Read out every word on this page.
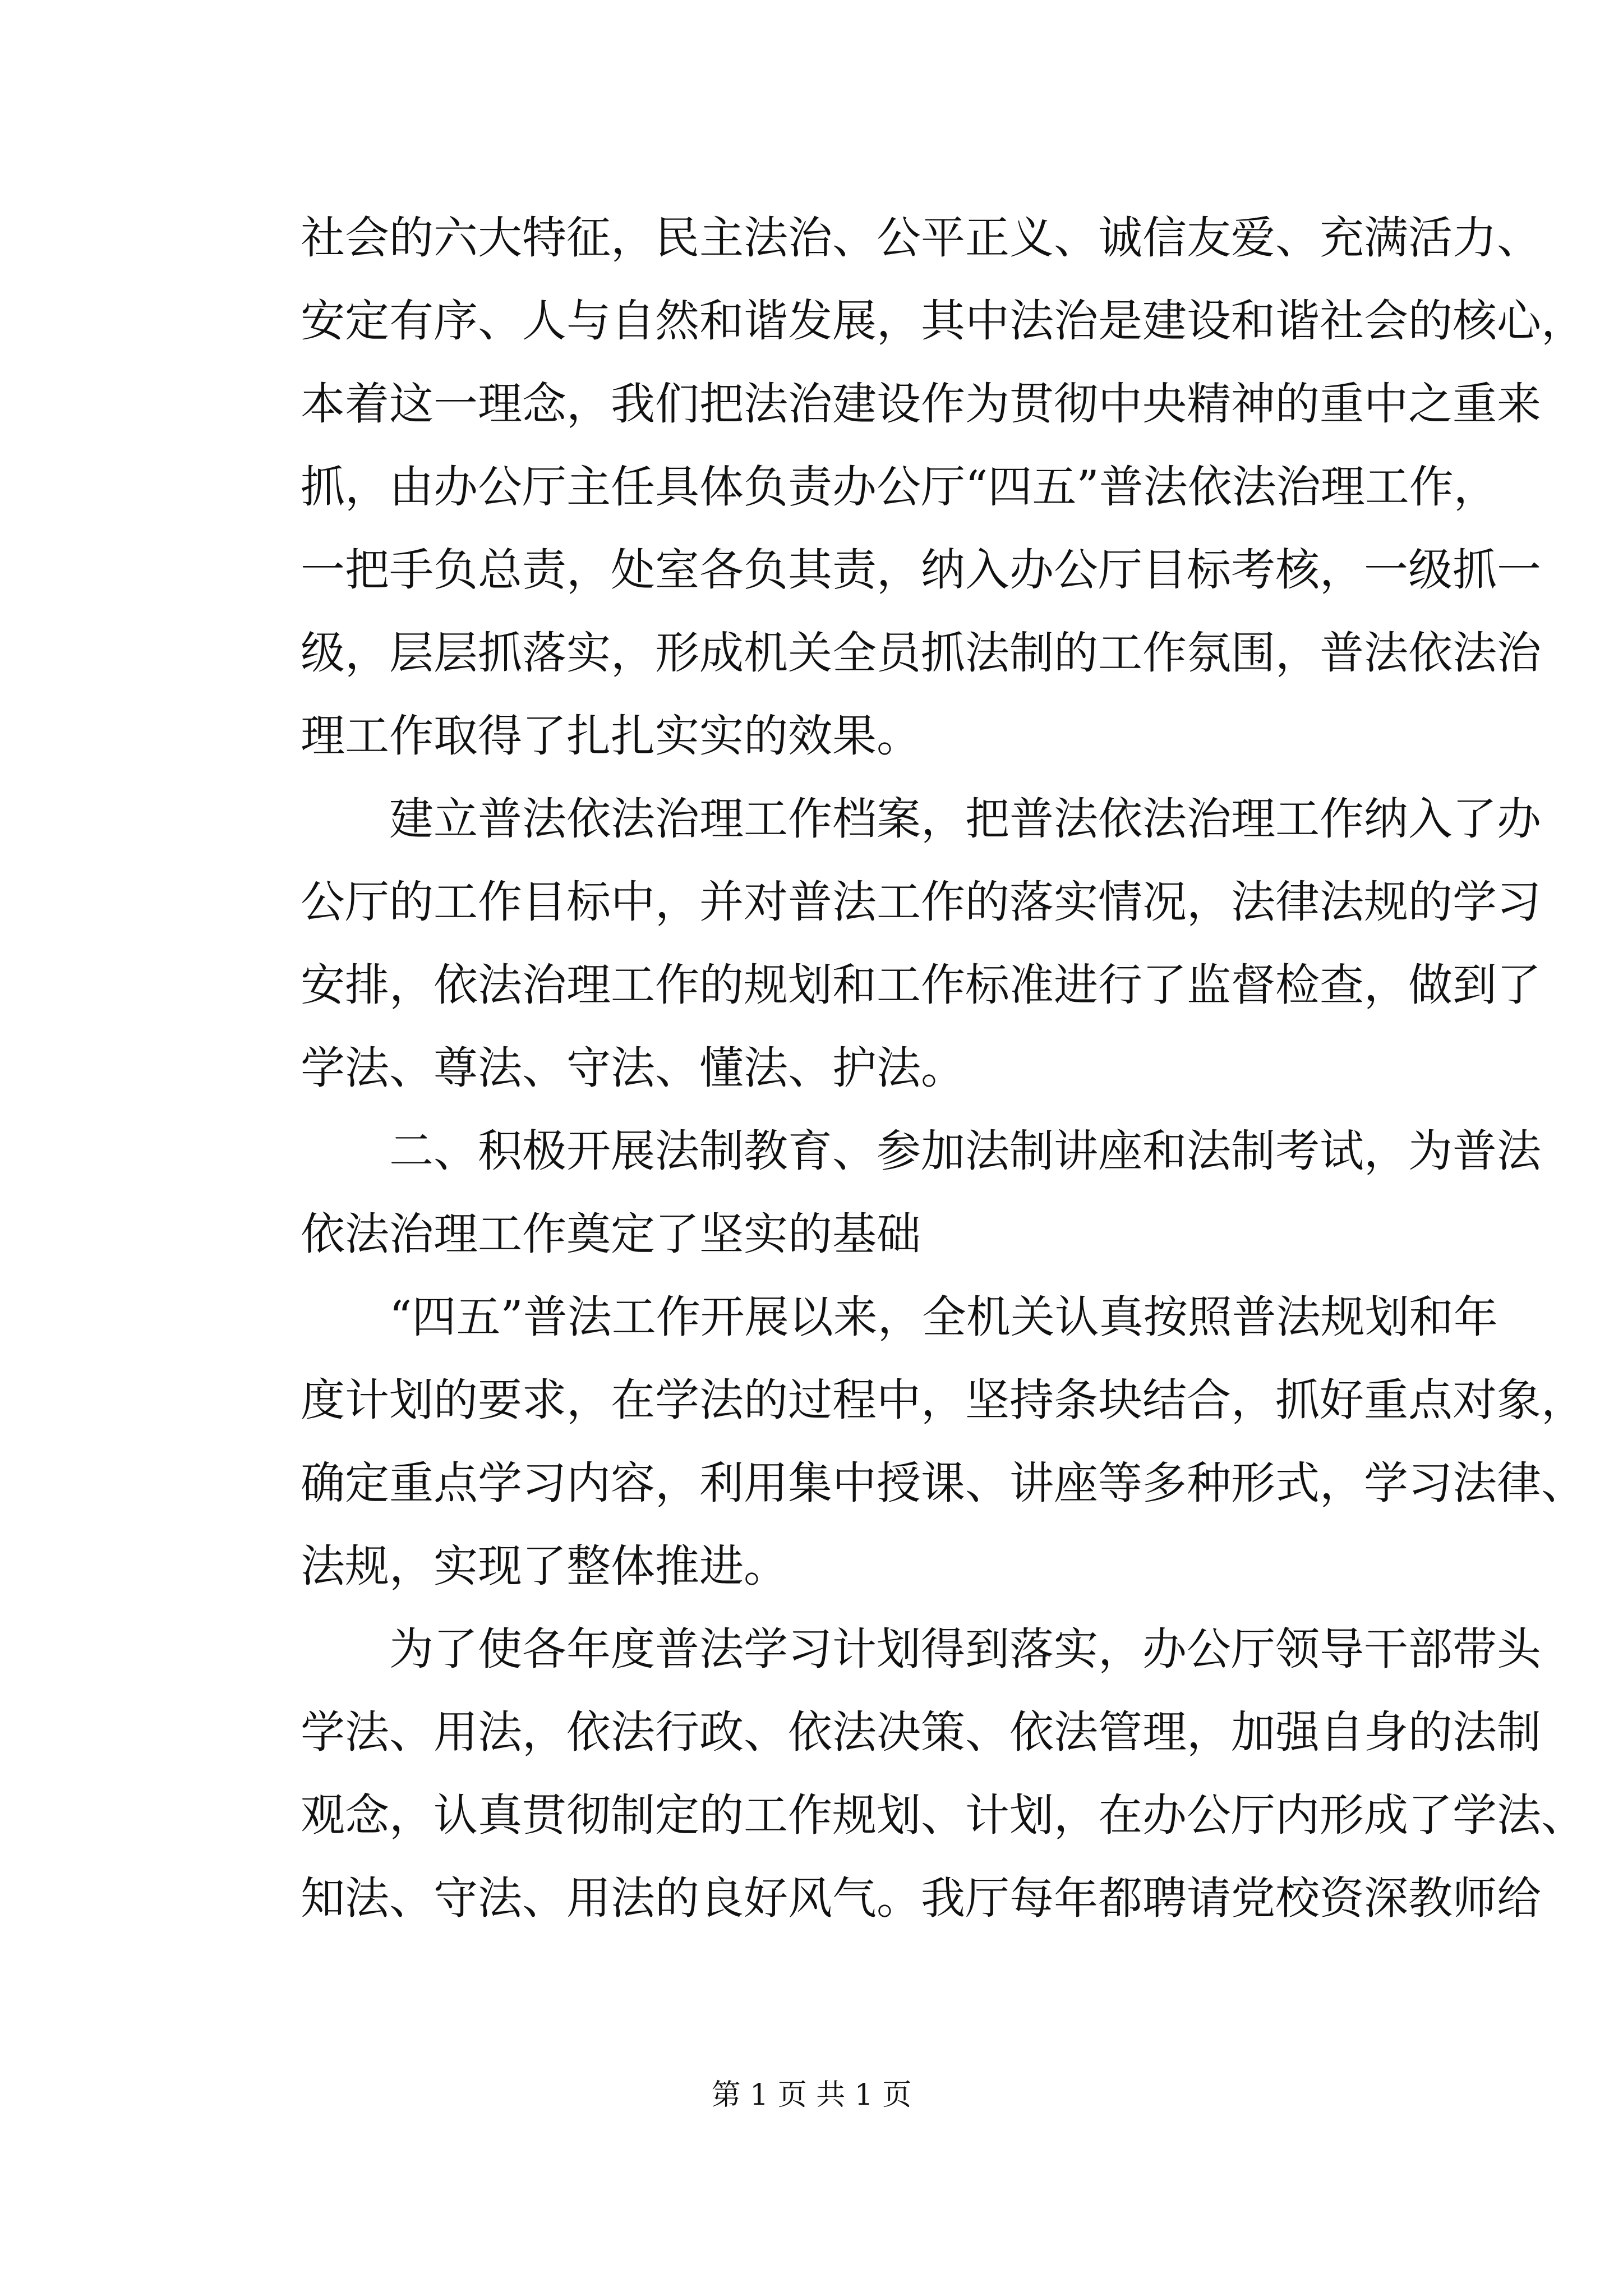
社会的六大特征，民主法治、公平正义、诚信友爱、充满活力、
安定有序、人与自然和谐发展，其中法治是建设和谐社会的核心，
本着这一理念，我们把法治建设作为贯彻中央精神的重中之重来
抓，由办公厅主任具体负责办公厅“四五”普法依法治理工作，
一把手负总责，处室各负其责，纳入办公厅目标考核，一级抓一
级，层层抓落实，形成机关全员抓法制的工作氛围，普法依法治
理工作取得了扎扎实实的效果。
　　建立普法依法治理工作档案，把普法依法治理工作纳入了办
公厅的工作目标中，并对普法工作的落实情况，法律法规的学习
安排，依法治理工作的规划和工作标准进行了监督检查，做到了
学法、尊法、守法、懂法、护法。
　　二、积极开展法制教育、参加法制讲座和法制考试，为普法
依法治理工作奠定了坚实的基础
　　“四五”普法工作开展以来，全机关认真按照普法规划和年
度计划的要求，在学法的过程中，坚持条块结合，抓好重点对象，
确定重点学习内容，利用集中授课、讲座等多种形式，学习法律、
法规，实现了整体推进。
　　为了使各年度普法学习计划得到落实，办公厅领导干部带头
学法、用法，依法行政、依法决策、依法管理，加强自身的法制
观念，认真贯彻制定的工作规划、计划，在办公厅内形成了学法、
知法、守法、用法的良好风气。我厅每年都聘请党校资深教师给
第 1 页 共 1 页
